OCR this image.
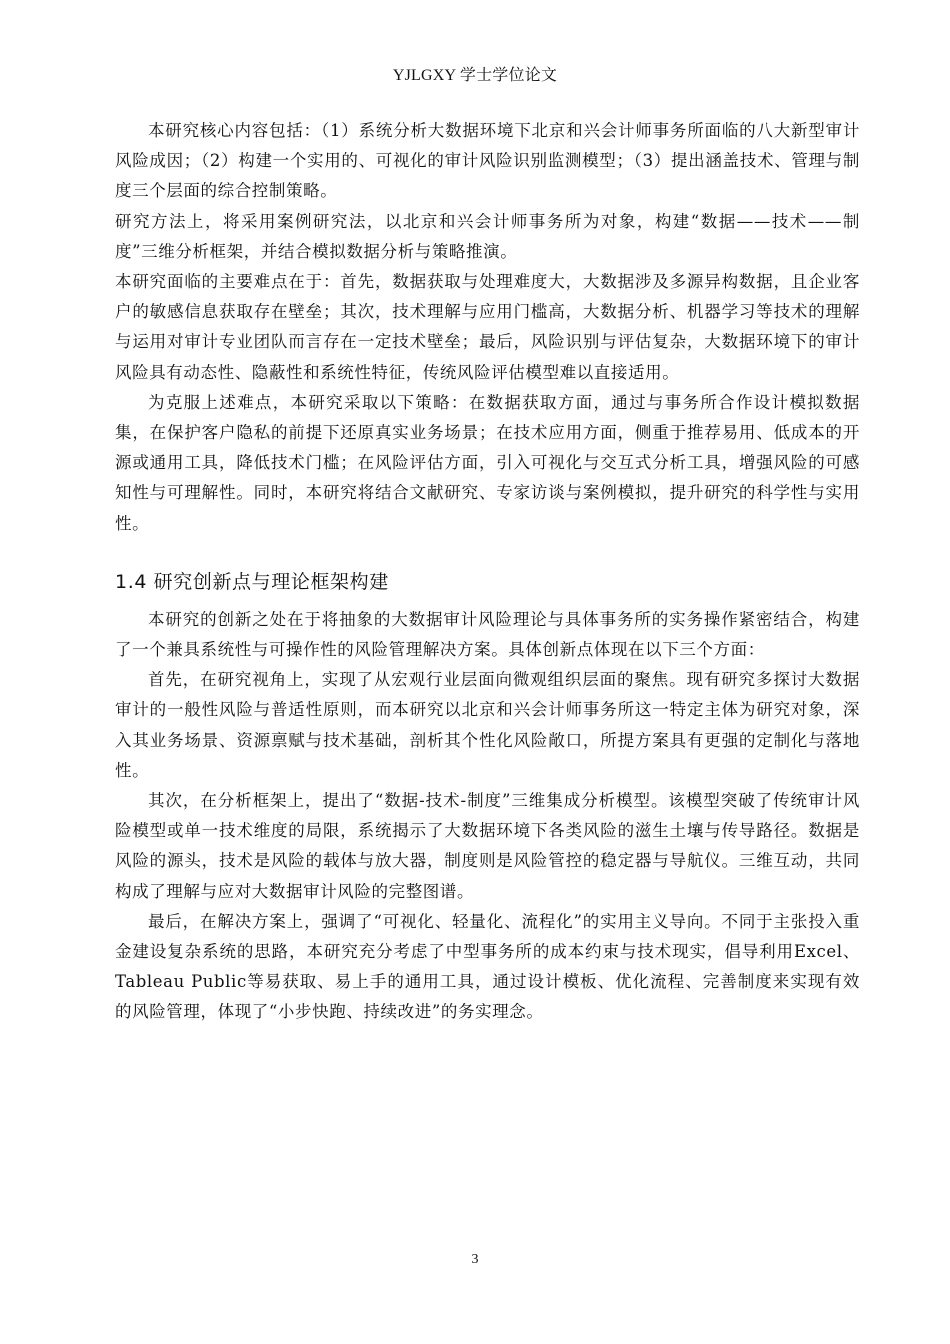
YJLGXY 学士学位论文

本研究核心内容包括：（1）系统分析大数据环境下北京和兴会计师事务所面临的八大新型审计风险成因；（2）构建一个实用的、可视化的审计风险识别监测模型；（3）提出涵盖技术、管理与制度三个层面的综合控制策略。

研究方法上，将采用案例研究法，以北京和兴会计师事务所为对象，构建“数据——技术——制度”三维分析框架，并结合模拟数据分析与策略推演。

本研究面临的主要难点在于：首先，数据获取与处理难度大，大数据涉及多源异构数据，且企业客户的敏感信息获取存在壁垒；其次，技术理解与应用门槛高，大数据分析、机器学习等技术的理解与运用对审计专业团队而言存在一定技术壁垒；最后，风险识别与评估复杂，大数据环境下的审计风险具有动态性、隐蔽性和系统性特征，传统风险评估模型难以直接适用。

为克服上述难点，本研究采取以下策略：在数据获取方面，通过与事务所合作设计模拟数据集，在保护客户隐私的前提下还原真实业务场景；在技术应用方面，侧重于推荐易用、低成本的开源或通用工具，降低技术门槛；在风险评估方面，引入可视化与交互式分析工具，增强风险的可感知性与可理解性。同时，本研究将结合文献研究、专家访谈与案例模拟，提升研究的科学性与实用性。

1.4 研究创新点与理论框架构建

本研究的创新之处在于将抽象的大数据审计风险理论与具体事务所的实务操作紧密结合，构建了一个兼具系统性与可操作性的风险管理解决方案。具体创新点体现在以下三个方面：

首先，在研究视角上，实现了从宏观行业层面向微观组织层面的聚焦。现有研究多探讨大数据审计的一般性风险与普适性原则，而本研究以北京和兴会计师事务所这一特定主体为研究对象，深入其业务场景、资源禀赋与技术基础，剖析其个性化风险敞口，所提方案具有更强的定制化与落地性。

其次，在分析框架上，提出了“数据-技术-制度”三维集成分析模型。该模型突破了传统审计风险模型或单一技术维度的局限，系统揭示了大数据环境下各类风险的滋生土壤与传导路径。数据是风险的源头，技术是风险的载体与放大器，制度则是风险管控的稳定器与导航仪。三维互动，共同构成了理解与应对大数据审计风险的完整图谱。

最后，在解决方案上，强调了“可视化、轻量化、流程化”的实用主义导向。不同于主张投入重金建设复杂系统的思路，本研究充分考虑了中型事务所的成本约束与技术现实，倡导利用Excel、Tableau Public等易获取、易上手的通用工具，通过设计模板、优化流程、完善制度来实现有效的风险管理，体现了“小步快跑、持续改进”的务实理念。

3
